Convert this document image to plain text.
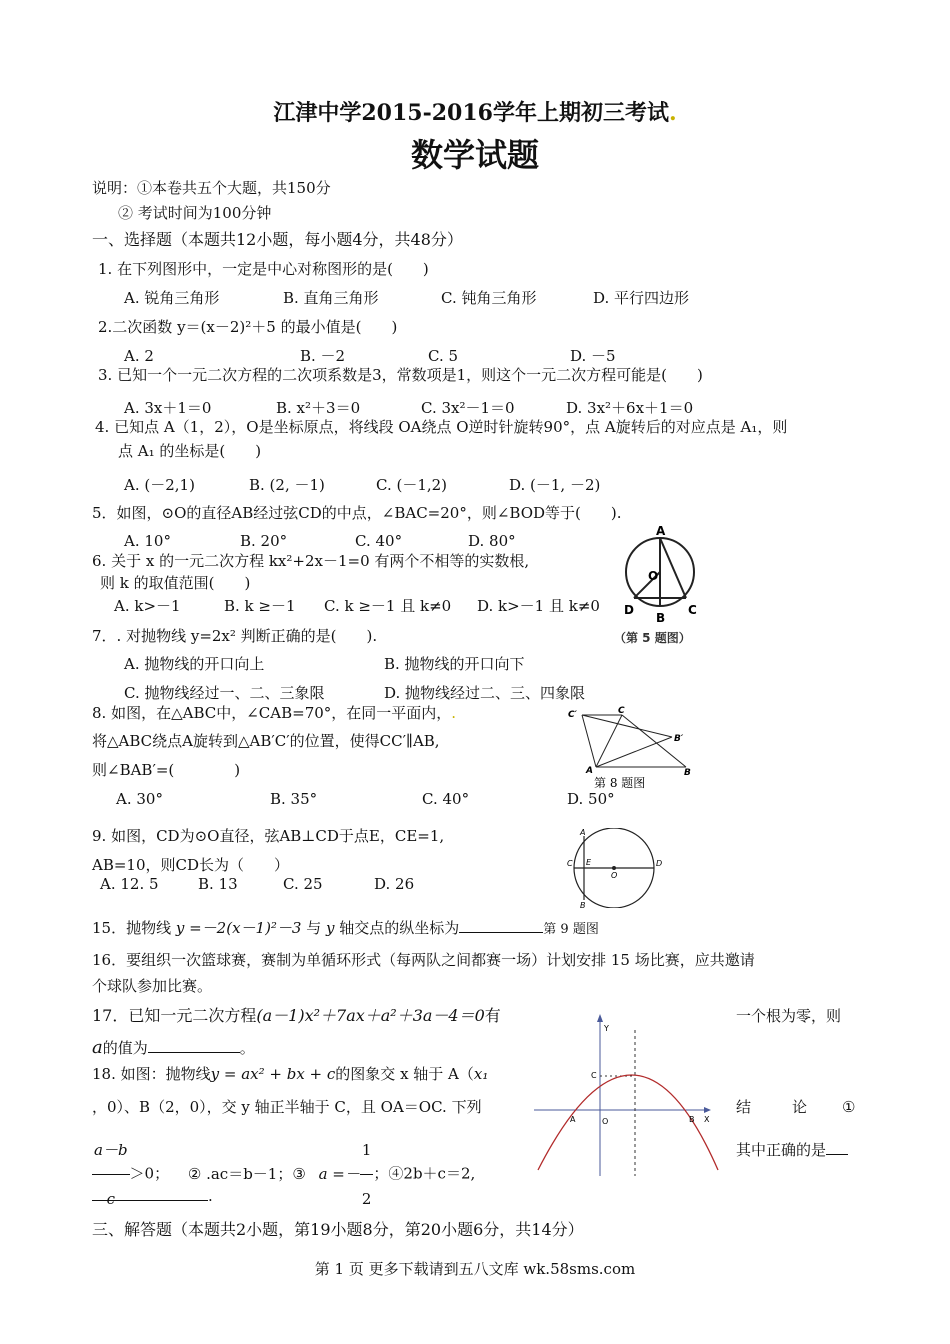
江津中学2015-2016学年上期初三考试.
数学试题
说明：①本卷共五个大题，共150分
② 考试时间为100分钟
一、选择题（本题共12小题，每小题4分，共48分）
1. 在下列图形中，一定是中心对称图形的是(　　)
A. 锐角三角形	B. 直角三角形	C. 钝角三角形	D. 平行四边形
2.二次函数 y＝(x－2)²＋5 的最小值是(　　)
A. 2	B. －2	C. 5	D. －5
3. 已知一个一元二次方程的二次项系数是3，常数项是1，则这个一元二次方程可能是(　　)
A. 3x＋1＝0	B. x²＋3＝0	C. 3x²－1＝0	D. 3x²＋6x＋1＝0
4. 已知点 A（1，2），O是坐标原点，将线段 OA绕点 O逆时针旋转90°，点 A旋转后的对应点是 A₁，则
点 A₁ 的坐标是(　　)
A. (－2,1)	B. (2, －1)	C. (－1,2)	D. (－1, －2)
5．如图，⊙O的直径AB经过弦CD的中点，∠BAC=20°，则∠BOD等于(　　).
A. 10°	B. 20°	C. 40°	D. 80°
A
O
D
B
C
（第 5 题图）
6. 关于 x 的一元二次方程 kx²+2x－1=0 有两个不相等的实数根,
则 k 的取值范围(　　)
A. k>－1	B. k ≥－1 C. k ≥－1 且 k≠0 D. k>－1 且 k≠0
7．. 对抛物线 y=2x² 判断正确的是(　　).
A. 抛物线的开口向上	B. 抛物线的开口向下
C. 抛物线经过一、二、三象限	D. 抛物线经过二、三、四象限
8. 如图，在△ABC中，∠CAB=70°，在同一平面内，.
将△ABC绕点A旋转到△AB′C′的位置，使得CC′∥AB,
则∠BAB′=(　　　　)
A. 30°	B. 35°	C. 40°	D. 50°
C′	C
B′
A	B
第 8 题图
9. 如图，CD为⊙O直径，弦AB⊥CD于点E，CE=1,
AB=10，则CD长为（　　）
A. 12. 5	B. 13	C. 25	D. 26
A
B
C E
O
D
15．抛物线 y =－2(x－1)²－3 与 y 轴交点的纵坐标为	第 9 题图
16．要组织一次篮球赛，赛制为单循环形式（每两队之间都赛一场）计划安排 15 场比赛，应共邀请
个球队参加比赛。
17．已知一元二次方程(a－1)x²＋7ax＋a²＋3a－4＝0有	一个根为零，则
a的值为	。
18. 如图：抛物线y = ax² + bx + c的图象交 x 轴于 A（x₁
，0）、B（2，0），交 y 轴正半轴于 C，且 OA＝OC. 下列	结	论 ①
$\frac{a-b}{c} >0$； ② .ac＝b－1；③ $a =- \frac{1}{2}$ ；④2b＋c＝2,
其中正确的是
.
Y
X
C
A	O	B
三、解答题（本题共2小题，第19小题8分，第20小题6分，共14分）
第 1 页 更多下载请到五八文库 wk.58sms.com
